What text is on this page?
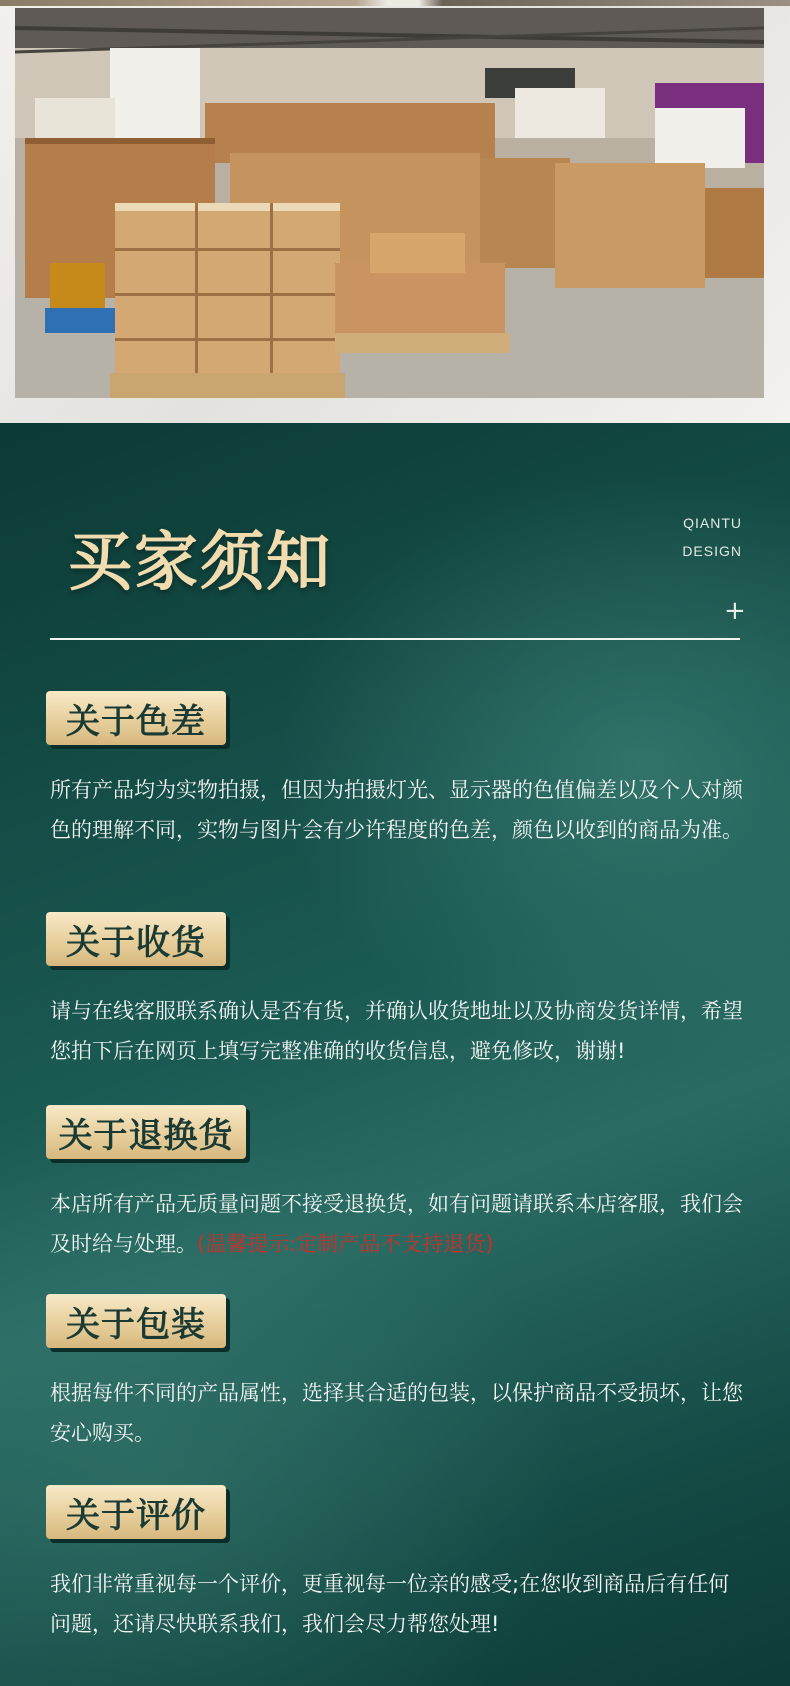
买家须知
QIANTU
DESIGN
+
关于色差

所有产品均为实物拍摄，但因为拍摄灯光、显示器的色值偏差以及个人对颜色的理解不同，实物与图片会有少许程度的色差，颜色以收到的商品为准。

关于收货

请与在线客服联系确认是否有货，并确认收货地址以及协商发货详情，希望您拍下后在网页上填写完整准确的收货信息，避免修改，谢谢!

关于退换货

本店所有产品无质量问题不接受退换货，如有问题请联系本店客服，我们会及时给与处理。(温馨提示:定制产品不支持退货)

关于包装

根据每件不同的产品属性，选择其合适的包装，以保护商品不受损坏，让您安心购买。

关于评价

我们非常重视每一个评价，更重视每一位亲的感受;在您收到商品后有任何问题，还请尽快联系我们，我们会尽力帮您处理!
